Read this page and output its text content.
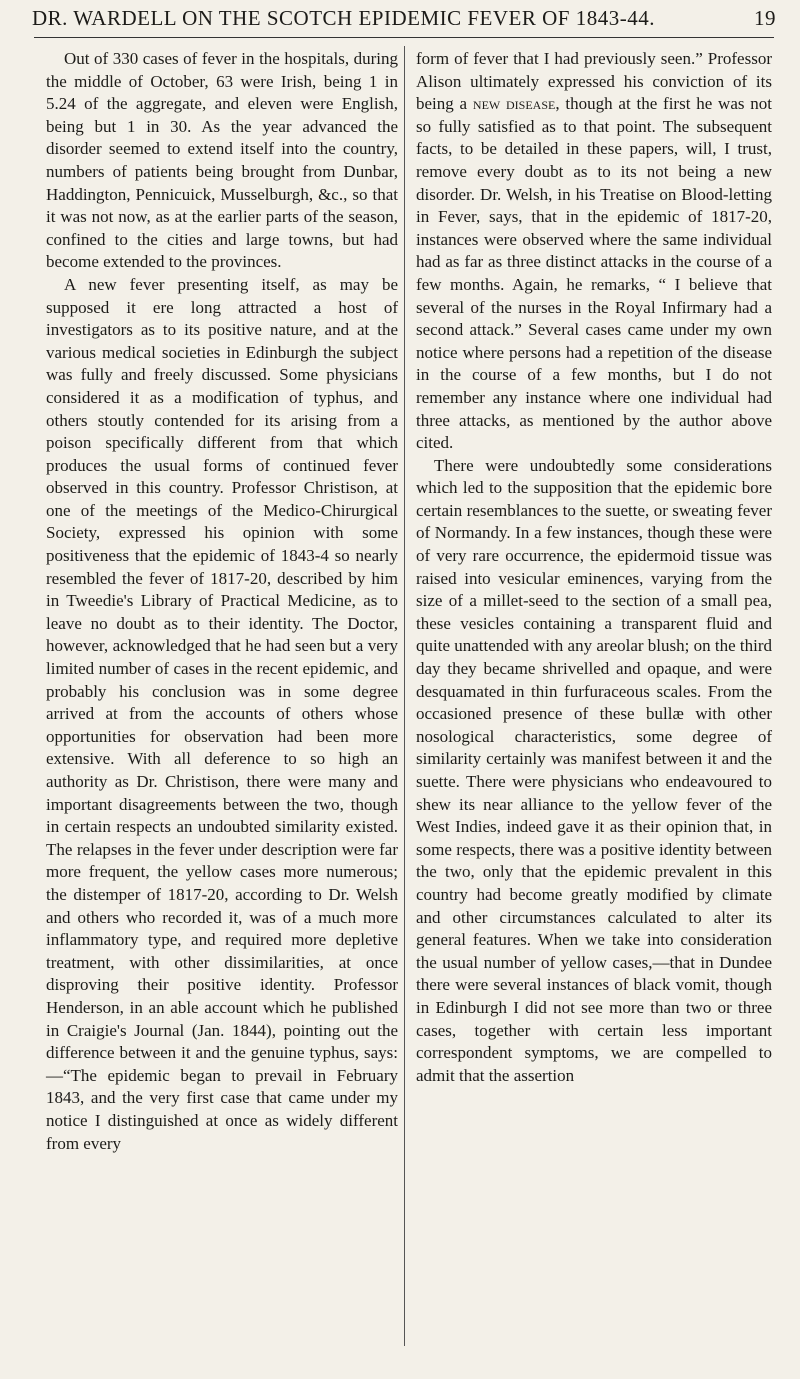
DR. WARDELL ON THE SCOTCH EPIDEMIC FEVER OF 1843-44.	19

Out of 330 cases of fever in the hospitals, during the middle of October, 63 were Irish, being 1 in 5.24 of the aggregate, and eleven were English, being but 1 in 30. As the year advanced the disorder seemed to extend itself into the country, numbers of patients being brought from Dunbar, Haddington, Pennicuick, Musselburgh, &c., so that it was not now, as at the earlier parts of the season, confined to the cities and large towns, but had become extended to the provinces.

A new fever presenting itself, as may be supposed it ere long attracted a host of investigators as to its positive nature, and at the various medical societies in Edinburgh the subject was fully and freely discussed. Some physicians considered it as a modification of typhus, and others stoutly contended for its arising from a poison specifically different from that which produces the usual forms of continued fever observed in this country. Professor Christison, at one of the meetings of the Medico-Chirurgical Society, expressed his opinion with some positiveness that the epidemic of 1843-4 so nearly resembled the fever of 1817-20, described by him in Tweedie's Library of Practical Medicine, as to leave no doubt as to their identity. The Doctor, however, acknowledged that he had seen but a very limited number of cases in the recent epidemic, and probably his conclusion was in some degree arrived at from the accounts of others whose opportunities for observation had been more extensive. With all deference to so high an authority as Dr. Christison, there were many and important disagreements between the two, though in certain respects an undoubted similarity existed. The relapses in the fever under description were far more frequent, the yellow cases more numerous; the distemper of 1817-20, according to Dr. Welsh and others who recorded it, was of a much more inflammatory type, and required more depletive treatment, with other dissimilarities, at once disproving their positive identity. Professor Henderson, in an able account which he published in Craigie's Journal (Jan. 1844), pointing out the difference between it and the genuine typhus, says:—“The epidemic began to prevail in February 1843, and the very first case that came under my notice I distinguished at once as widely different from every

form of fever that I had previously seen.” Professor Alison ultimately expressed his conviction of its being a new disease, though at the first he was not so fully satisfied as to that point. The subsequent facts, to be detailed in these papers, will, I trust, remove every doubt as to its not being a new disorder. Dr. Welsh, in his Treatise on Blood-letting in Fever, says, that in the epidemic of 1817-20, instances were observed where the same individual had as far as three distinct attacks in the course of a few months. Again, he remarks, “ I believe that several of the nurses in the Royal Infirmary had a second attack.” Several cases came under my own notice where persons had a repetition of the disease in the course of a few months, but I do not remember any instance where one individual had three attacks, as mentioned by the author above cited.

There were undoubtedly some considerations which led to the supposition that the epidemic bore certain resemblances to the suette, or sweating fever of Normandy. In a few instances, though these were of very rare occurrence, the epidermoid tissue was raised into vesicular eminences, varying from the size of a millet-seed to the section of a small pea, these vesicles containing a transparent fluid and quite unattended with any areolar blush; on the third day they became shrivelled and opaque, and were desquamated in thin furfuraceous scales. From the occasioned presence of these bullæ with other nosological characteristics, some degree of similarity certainly was manifest between it and the suette. There were physicians who endeavoured to shew its near alliance to the yellow fever of the West Indies, indeed gave it as their opinion that, in some respects, there was a positive identity between the two, only that the epidemic prevalent in this country had become greatly modified by climate and other circumstances calculated to alter its general features. When we take into consideration the usual number of yellow cases,—that in Dundee there were several instances of black vomit, though in Edinburgh I did not see more than two or three cases, together with certain less important correspondent symptoms, we are compelled to admit that the assertion
